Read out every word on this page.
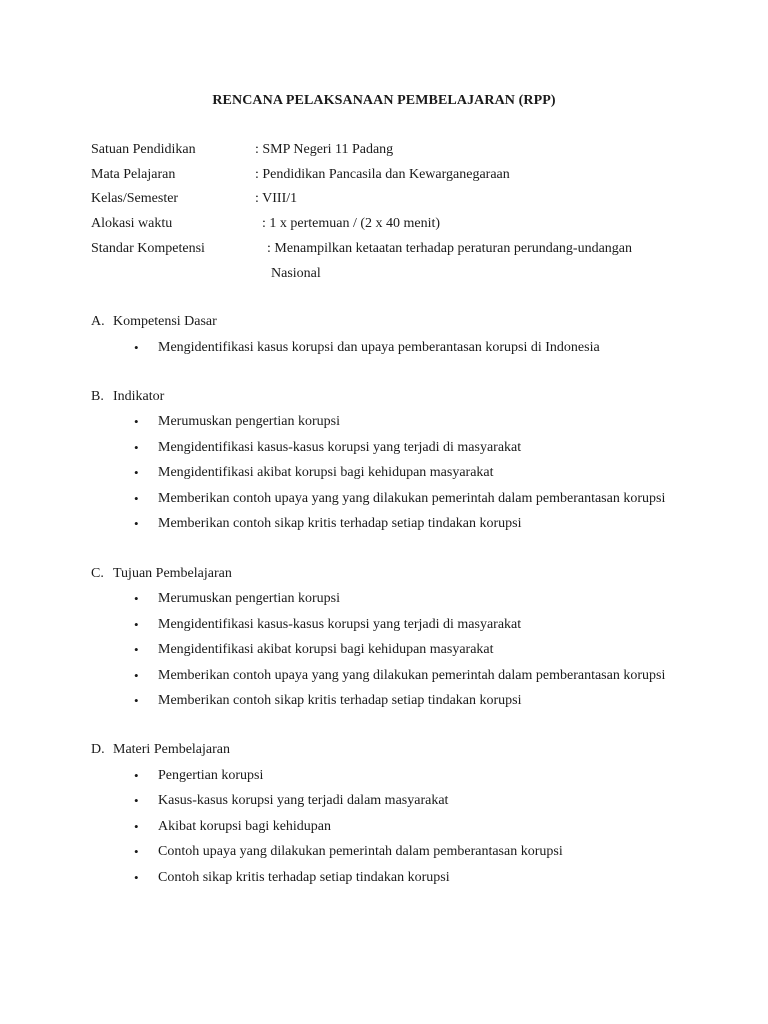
RENCANA PELAKSANAAN PEMBELAJARAN (RPP)
Satuan Pendidikan	: SMP Negeri 11 Padang
Mata Pelajaran	: Pendidikan Pancasila dan Kewarganegaraan
Kelas/Semester	: VIII/1
Alokasi waktu	: 1 x pertemuan / (2 x 40 menit)
Standar Kompetensi	: Menampilkan ketaatan terhadap peraturan perundang-undangan
Nasional
A. Kompetensi Dasar
• Mengidentifikasi kasus korupsi dan upaya pemberantasan korupsi di Indonesia
B. Indikator
• Merumuskan pengertian korupsi
• Mengidentifikasi kasus-kasus korupsi yang terjadi di masyarakat
• Mengidentifikasi akibat korupsi bagi kehidupan masyarakat
• Memberikan contoh upaya yang yang dilakukan pemerintah dalam pemberantasan korupsi
• Memberikan contoh sikap kritis terhadap setiap tindakan korupsi
C. Tujuan Pembelajaran
• Merumuskan pengertian korupsi
• Mengidentifikasi kasus-kasus korupsi yang terjadi di masyarakat
• Mengidentifikasi akibat korupsi bagi kehidupan masyarakat
• Memberikan contoh upaya yang yang dilakukan pemerintah dalam pemberantasan korupsi
• Memberikan contoh sikap kritis terhadap setiap tindakan korupsi
D. Materi Pembelajaran
• Pengertian korupsi
• Kasus-kasus korupsi yang terjadi dalam masyarakat
• Akibat korupsi bagi kehidupan
• Contoh upaya yang dilakukan pemerintah dalam pemberantasan korupsi
• Contoh sikap kritis terhadap setiap tindakan korupsi
